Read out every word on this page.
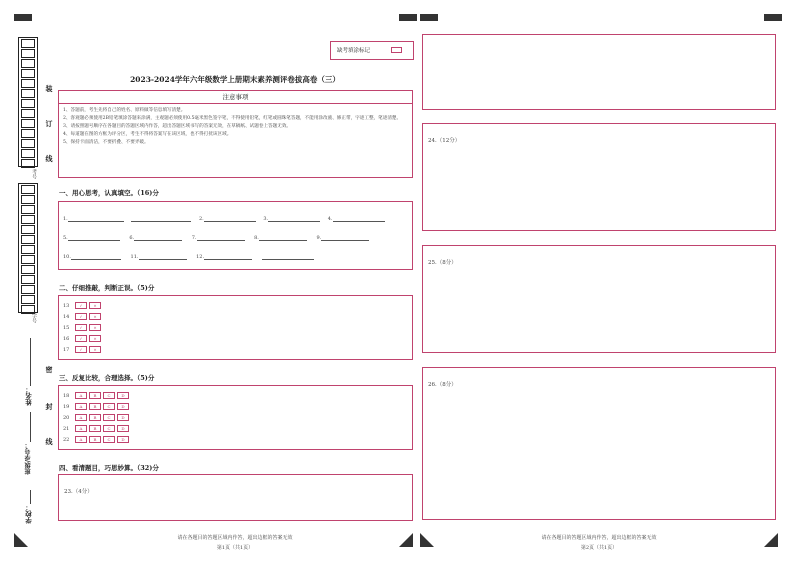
考号
学号
装
订
线
密
封
线
姓名：
班级/学号：
学校：
缺考填涂标记
2023-2024学年六年级数学上册期末素养测评卷拔高卷（三）
注意事项
1、答题前，考生先将自己的姓名、原料做等信息填写清楚。
2、客观题必须使用2B铅笔填涂答题来涂满，主观题必须使用0.5毫米黑色签字笔，不得使用铅笔，红笔或圆珠笔答题，不能用涂改液、修正带，字迹工整，笔迹清楚。
3、请按照题号顺序在各题目的答题区域内作答，超出答题区域书写的答案无效，在草稿纸、试题卷上答题无效。
4、每道题在图的方框为评分区，考生不得将答案写在该区域，也不得打扰该区域。
5、保持卡面清洁，不要折叠、不要弄破。
一、用心思考，认真填空。（16)分
1.	2.	3.	4.
5.	6.	7.	8.	9.
10.	11.	12.
二、仔细推敲，判断正误。（5)分
13 ✓	×
14 ✓	×
15 ✓	×
16 ✓	×
17 ✓	×
三、反复比较，合理选择。（5)分
18	A	B	C	D
19	A	B	C	D
20	A	B	C	D
21	A	B	C	D
22	A	B	C	D
四、看清题目，巧思妙算。（32)分
23.（4分）
24.（12分）
25.（8分）
26.（8分）
请在各题目的答题区域内作答，超出边框的答案无效
第1页（共1页）
请在各题目的答题区域内作答，超出边框的答案无效
第2页（共1页）
